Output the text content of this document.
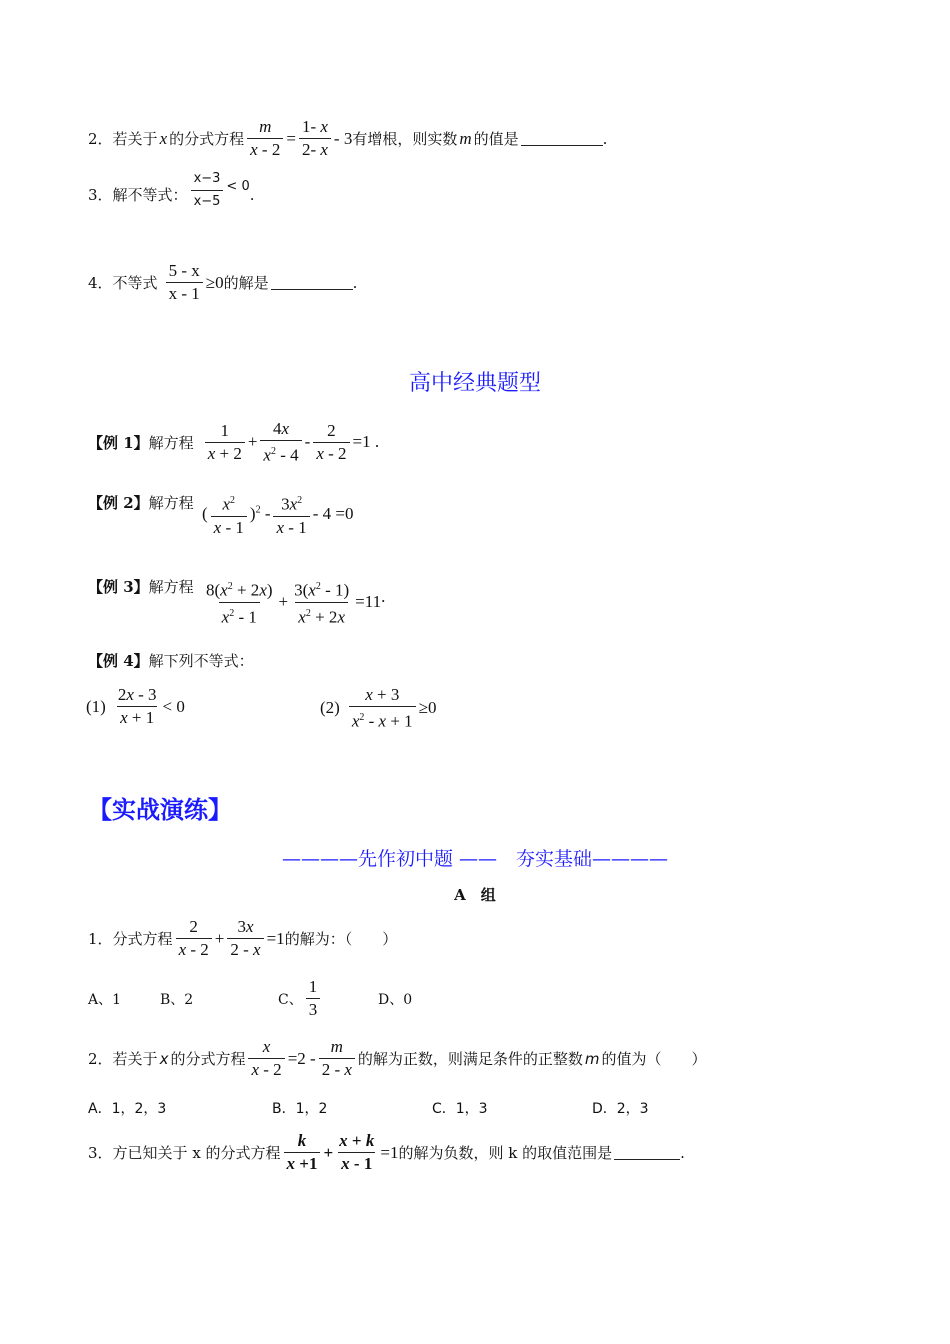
2． 若关于 x 的分式方程 $\frac{m}{x - 2} = \frac{1- x}{2- x} - 3$ 有增根，则实数 m 的值是	.
3． 解不等式： $\frac{x-3}{x-5} < 0$ .
4． 不等式 $\frac{5 - x}{x - 1} \ge 0$ 的解是	.
高中经典题型
【例 1】 解方程 $\frac{1}{x + 2} + \frac{4x}{x^2 - 4} - \frac{2}{x - 2} =1$ .
【例 2】 解方程
( $\frac{x^2}{x - 1} )^2 - \frac{3x^2}{x - 1} - 4 =0$
【例 3】 解方程 $\frac{8(x^2 + 2x)}{x^2 - 1} + \frac{3(x^2 - 1)}{x^2 + 2x} =11$ .
【例 4】 解下列不等式：
$(1) \frac{2x - 3}{x + 1} < 0$	$(2) \frac{x + 3}{x^2 - x + 1} \ge 0$
【实战演练】
————先作初中题 ——　夯实基础————
A　组
1． 分式方程 $\frac{2}{x - 2} + \frac{3x}{2 - x} =1$ 的解为：（　　）
A、1	B、2	C、 $\frac{1}{3}$	D、0
2． 若关于 x 的分式方程 $\frac{x}{x - 2} =2 - \frac{m}{2 - x}$ 的解为正数，则满足条件的正整数 m 的值为（　　）
A．1，2，3	B．1，2	C．1，3	D．2，3
3． 方已知关于 x 的分式方程 $\frac{k}{x +1} + \frac{x + k}{x - 1} =1$ 的解为负数，则 k 的取值范围是	.
